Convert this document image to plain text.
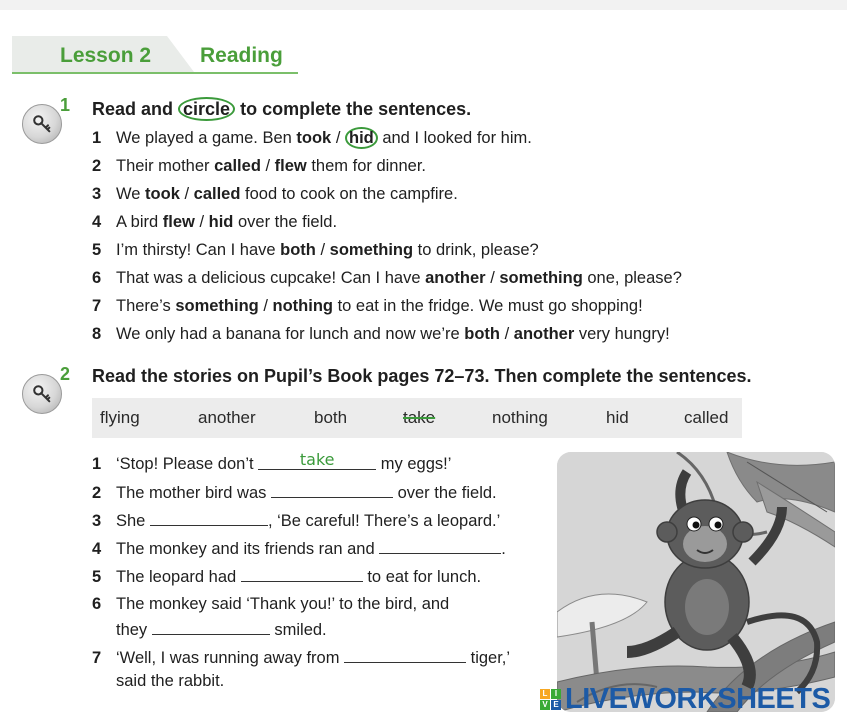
Lesson 2 Reading
1 Read and circle to complete the sentences.
1 We played a game. Ben took / hid and I looked for him.
2 Their mother called / flew them for dinner.
3 We took / called food to cook on the campfire.
4 A bird flew / hid over the field.
5 I’m thirsty! Can I have both / something to drink, please?
6 That was a delicious cupcake! Can I have another / something one, please?
7 There’s something / nothing to eat in the fridge. We must go shopping!
8 We only had a banana for lunch and now we’re both / another very hungry!
2 Read the stories on Pupil’s Book pages 72–73. Then complete the sentences.
flying	another	both	take	nothing	hid	called
1 ‘Stop! Please don’t	take	my eggs!’
2 The mother bird was	over the field.
3 She	, ‘Be careful! There’s a leopard.’
4 The monkey and its friends ran and	.
5 The leopard had	to eat for lunch.
6 The monkey said ‘Thank you!’ to the bird, and
they	smiled.
7 ‘Well, I was running away from	tiger,’
said the rabbit.
L I
V E LIVEWORKSHEETS
